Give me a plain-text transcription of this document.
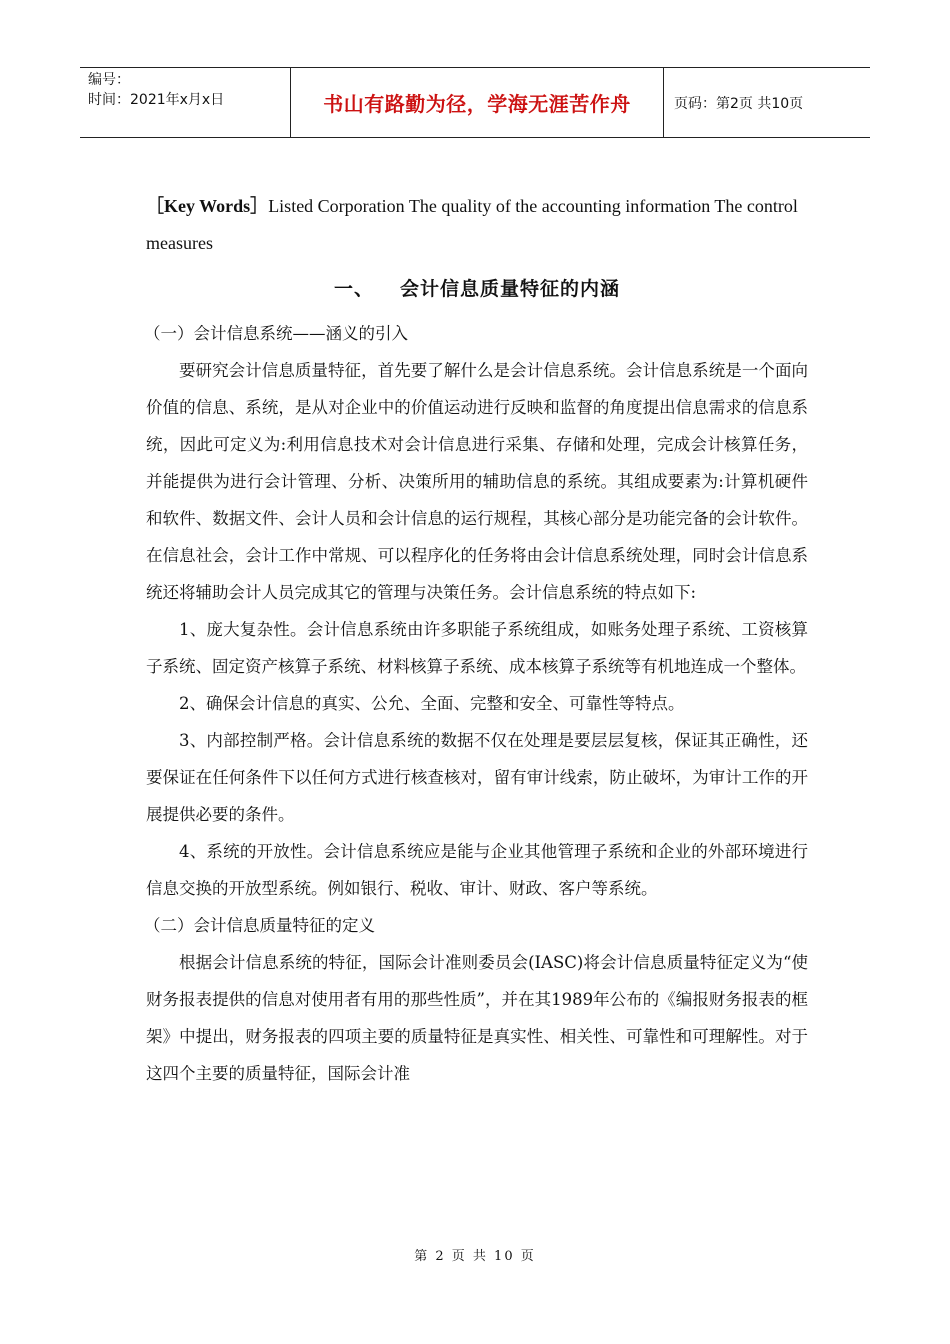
编号：
时间：2021年x月x日	书山有路勤为径，学海无涯苦作舟	页码：第2页 共10页
［Key Words］Listed Corporation The quality of the accounting information The control measures
一、 会计信息质量特征的内涵
（一）会计信息系统——涵义的引入

要研究会计信息质量特征，首先要了解什么是会计信息系统。会计信息系统是一个面向价值的信息、系统，是从对企业中的价值运动进行反映和监督的角度提出信息需求的信息系统，因此可定义为:利用信息技术对会计信息进行采集、存储和处理，完成会计核算任务，并能提供为进行会计管理、分析、决策所用的辅助信息的系统。其组成要素为:计算机硬件和软件、数据文件、会计人员和会计信息的运行规程，其核心部分是功能完备的会计软件。在信息社会，会计工作中常规、可以程序化的任务将由会计信息系统处理，同时会计信息系统还将辅助会计人员完成其它的管理与决策任务。会计信息系统的特点如下:

1、庞大复杂性。会计信息系统由许多职能子系统组成，如账务处理子系统、工资核算子系统、固定资产核算子系统、材料核算子系统、成本核算子系统等有机地连成一个整体。

2、确保会计信息的真实、公允、全面、完整和安全、可靠性等特点。

3、内部控制严格。会计信息系统的数据不仅在处理是要层层复核，保证其正确性，还要保证在任何条件下以任何方式进行核查核对，留有审计线索，防止破坏，为审计工作的开展提供必要的条件。

4、系统的开放性。会计信息系统应是能与企业其他管理子系统和企业的外部环境进行信息交换的开放型系统。例如银行、税收、审计、财政、客户等系统。

（二）会计信息质量特征的定义

根据会计信息系统的特征，国际会计准则委员会(IASC)将会计信息质量特征定义为“使财务报表提供的信息对使用者有用的那些性质”，并在其1989年公布的《编报财务报表的框架》中提出，财务报表的四项主要的质量特征是真实性、相关性、可靠性和可理解性。对于这四个主要的质量特征，国际会计准

第 2 页 共 10 页
